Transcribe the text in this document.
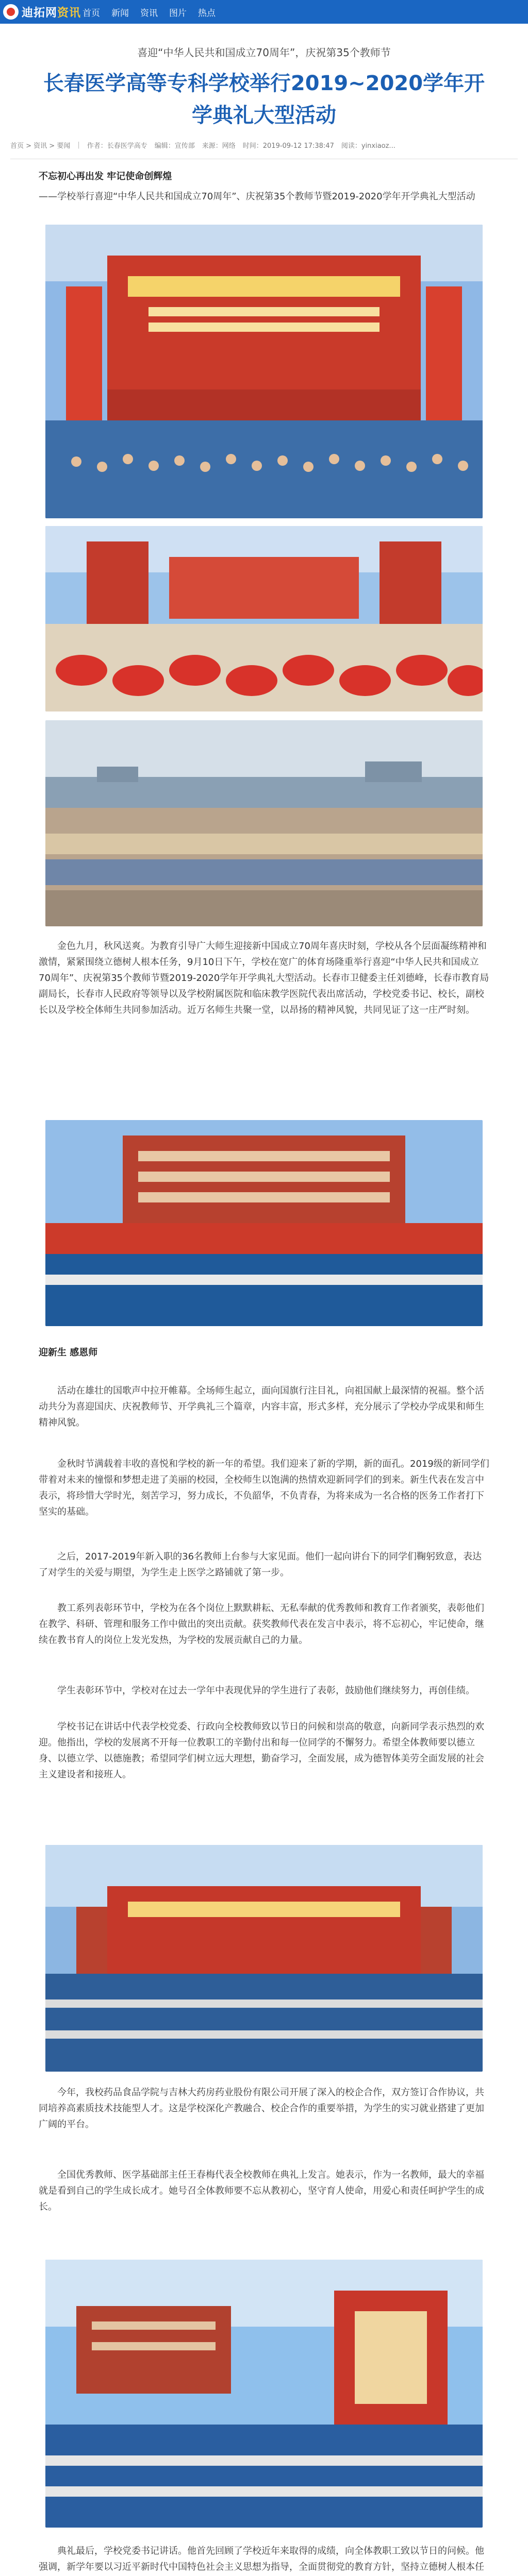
迪拓网资讯 首页 新闻 资讯 图片 热点
喜迎“中华人民共和国成立70周年”，庆祝第35个教师节
长春医学高等专科学校举行2019~2020学年开学典礼大型活动
首页 > 资讯 > 要闻 | 作者：长春医学高专 编辑：宣传部 来源：网络 时间：2019-09-12 17:38:47 阅读：yinxiaoz...
不忘初心再出发 牢记使命创辉煌

——学校举行喜迎“中华人民共和国成立70周年”、庆祝第35个教师节暨2019-2020学年开学典礼大型活动

金色九月，秋风送爽。为教育引导广大师生迎接新中国成立70周年喜庆时刻，学校从各个层面凝练精神和激情，紧紧围绕立德树人根本任务，9月10日下午，学校在宽广的体育场隆重举行喜迎“中华人民共和国成立70周年”、庆祝第35个教师节暨2019-2020学年开学典礼大型活动。长春市卫健委主任刘德峰，长春市教育局副局长，长春市人民政府等领导以及学校附属医院和临床教学医院代表出席活动，学校党委书记、校长，副校长以及学校全体师生共同参加活动。近万名师生共聚一堂，以昂扬的精神风貌，共同见证了这一庄严时刻。

迎新生 感恩师

活动在雄壮的国歌声中拉开帷幕。全场师生起立，面向国旗行注目礼，向祖国献上最深情的祝福。整个活动共分为喜迎国庆、庆祝教师节、开学典礼三个篇章，内容丰富，形式多样，充分展示了学校办学成果和师生精神风貌。

金秋时节满载着丰收的喜悦和学校的新一年的希望。我们迎来了新的学期，新的面孔。2019级的新同学们带着对未来的憧憬和梦想走进了美丽的校园，全校师生以饱满的热情欢迎新同学们的到来。新生代表在发言中表示，将珍惜大学时光，刻苦学习，努力成长，不负韶华，不负青春，为将来成为一名合格的医务工作者打下坚实的基础。

之后，2017-2019年新入职的36名教师上台参与大家见面。他们一起向讲台下的同学们鞠躬致意，表达了对学生的关爱与期望，为学生走上医学之路铺就了第一步。

教工系列表彰环节中，学校为在各个岗位上默默耕耘、无私奉献的优秀教师和教育工作者颁奖，表彰他们在教学、科研、管理和服务工作中做出的突出贡献。获奖教师代表在发言中表示，将不忘初心，牢记使命，继续在教书育人的岗位上发光发热，为学校的发展贡献自己的力量。

学生表彰环节中，学校对在过去一学年中表现优异的学生进行了表彰，鼓励他们继续努力，再创佳绩。

学校书记在讲话中代表学校党委、行政向全校教师致以节日的问候和崇高的敬意，向新同学表示热烈的欢迎。他指出，学校的发展离不开每一位教职工的辛勤付出和每一位同学的不懈努力。希望全体教师要以德立身、以德立学、以德施教；希望同学们树立远大理想，勤奋学习，全面发展，成为德智体美劳全面发展的社会主义建设者和接班人。

今年，我校药品食品学院与吉林大药房药业股份有限公司开展了深入的校企合作，双方签订合作协议，共同培养高素质技术技能型人才。这是学校深化产教融合、校企合作的重要举措，为学生的实习就业搭建了更加广阔的平台。

全国优秀教师、医学基础部主任王春梅代表全校教师在典礼上发言。她表示，作为一名教师，最大的幸福就是看到自己的学生成长成才。她号召全体教师要不忘从教初心，坚守育人使命，用爱心和责任呵护学生的成长。

典礼最后，学校党委书记讲话。他首先回顾了学校近年来取得的成绩，向全体教职工致以节日的问候。他强调，新学年要以习近平新时代中国特色社会主义思想为指导，全面贯彻党的教育方针，坚持立德树人根本任
